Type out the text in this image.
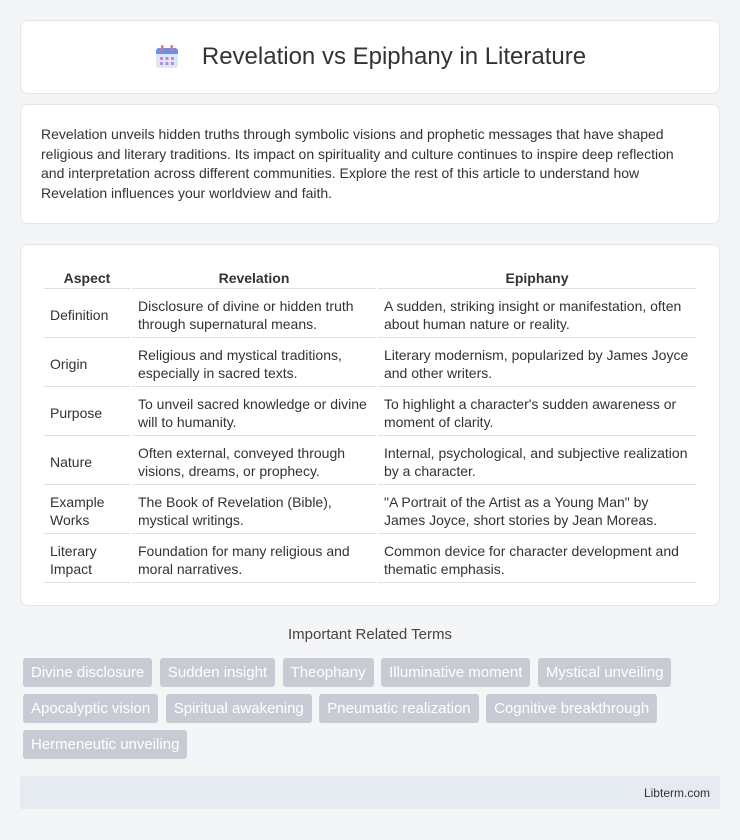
Revelation vs Epiphany in Literature

Revelation unveils hidden truths through symbolic visions and prophetic messages that have shaped religious and literary traditions. Its impact on spirituality and culture continues to inspire deep reflection and interpretation across different communities. Explore the rest of this article to understand how Revelation influences your worldview and faith.

Aspect	Revelation	Epiphany
Definition	Disclosure of divine or hidden truth through supernatural means.	A sudden, striking insight or manifestation, often about human nature or reality.
Origin	Religious and mystical traditions, especially in sacred texts.	Literary modernism, popularized by James Joyce and other writers.
Purpose	To unveil sacred knowledge or divine will to humanity.	To highlight a character's sudden awareness or moment of clarity.
Nature	Often external, conveyed through visions, dreams, or prophecy.	Internal, psychological, and subjective realization by a character.
Example Works	The Book of Revelation (Bible), mystical writings.	"A Portrait of the Artist as a Young Man" by James Joyce, short stories by Jean Moreas.
Literary Impact	Foundation for many religious and moral narratives.	Common device for character development and thematic emphasis.
Important Related Terms
Divine disclosure Sudden insight Theophany Illuminative moment Mystical unveiling Apocalyptic vision Spiritual awakening Pneumatic realization Cognitive breakthrough Hermeneutic unveiling
Libterm.com
